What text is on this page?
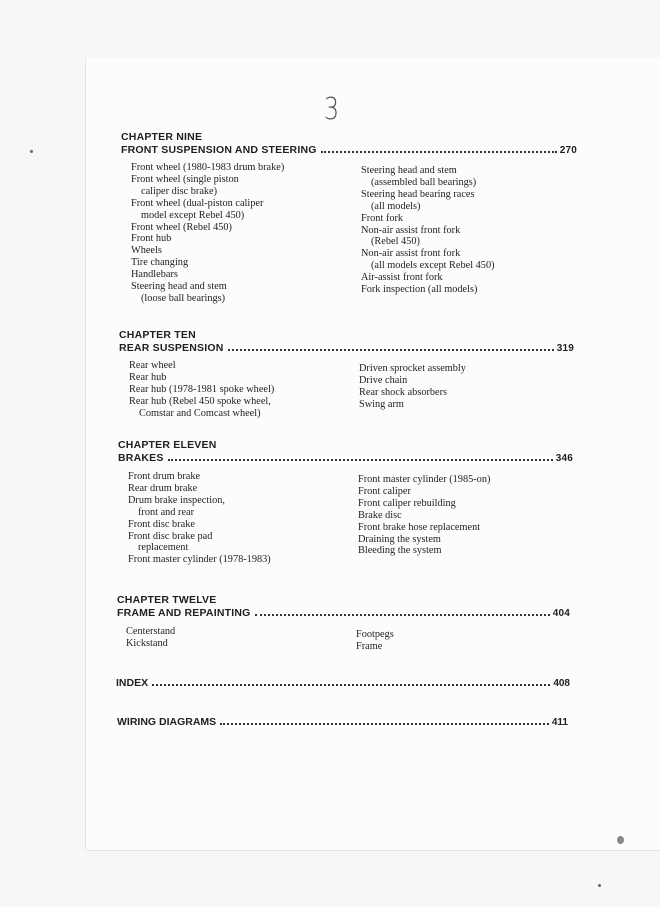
3
CHAPTER NINE
FRONT SUSPENSION AND STEERING	270
Front wheel (1980-1983 drum brake)
Front wheel (single piston
caliper disc brake)
Front wheel (dual-piston caliper
model except Rebel 450)
Front wheel (Rebel 450)
Front hub
Wheels
Tire changing
Handlebars
Steering head and stem
(loose ball bearings)
Steering head and stem
(assembled ball bearings)
Steering head bearing races
(all models)
Front fork
Non-air assist front fork
(Rebel 450)
Non-air assist front fork
(all models except Rebel 450)
Air-assist front fork
Fork inspection (all models)
CHAPTER TEN
REAR SUSPENSION	319
Rear wheel
Rear hub
Rear hub (1978-1981 spoke wheel)
Rear hub (Rebel 450 spoke wheel,
Comstar and Comcast wheel)
Driven sprocket assembly
Drive chain
Rear shock absorbers
Swing arm
CHAPTER ELEVEN
BRAKES	346
Front drum brake
Rear drum brake
Drum brake inspection,
front and rear
Front disc brake
Front disc brake pad
replacement
Front master cylinder (1978-1983)
Front master cylinder (1985-on)
Front caliper
Front caliper rebuilding
Brake disc
Front brake hose replacement
Draining the system
Bleeding the system
CHAPTER TWELVE
FRAME AND REPAINTING	404
Centerstand
Kickstand
Footpegs
Frame
INDEX	408
WIRING DIAGRAMS	411
